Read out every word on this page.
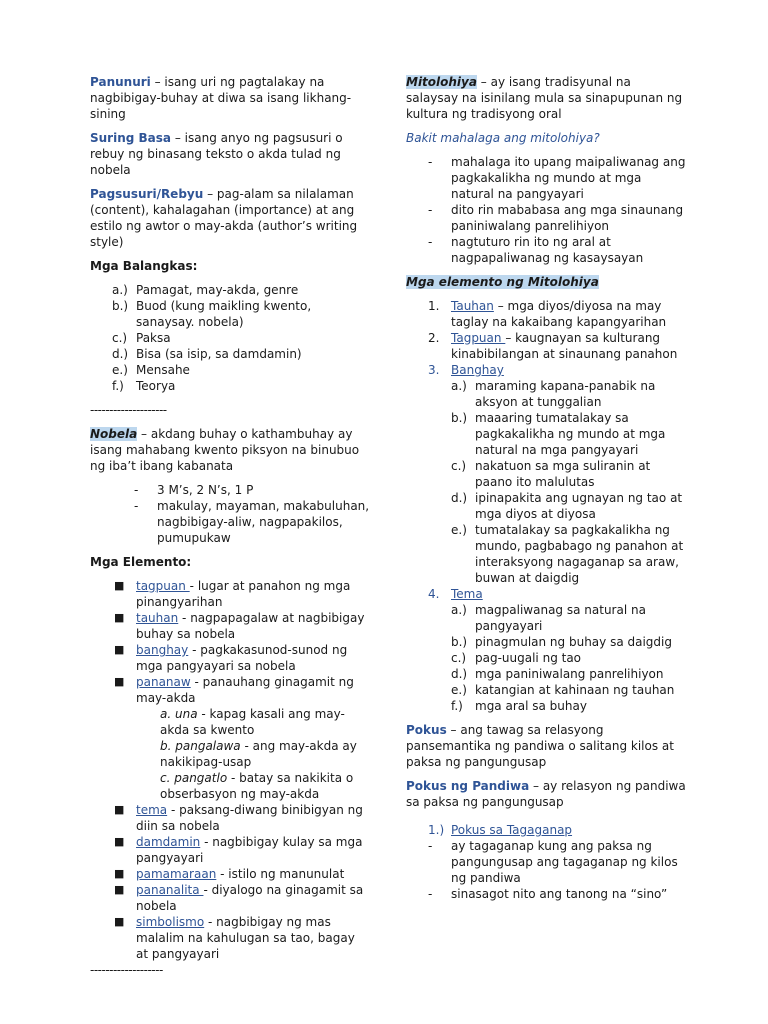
Panunuri – isang uri ng pagtalakay na nagbibigay-buhay at diwa sa isang likhang-sining

Suring Basa – isang anyo ng pagsusuri o rebuy ng binasang teksto o akda tulad ng nobela

Pagsusuri/Rebyu – pag-alam sa nilalaman (content), kahalagahan (importance) at ang estilo ng awtor o may-akda (author’s writing style)

Mga Balangkas:

a.) Pamagat, may-akda, genre
b.) Buod (kung maikling kwento, sanaysay. nobela)
c.) Paksa
d.) Bisa (sa isip, sa damdamin)
e.) Mensahe
f.)	Teorya

--------------------

Nobela – akdang buhay o kathambuhay ay isang mahabang kwento piksyon na binubuo ng iba’t ibang kabanata

-	3 M’s, 2 N’s, 1 P
-	makulay, mayaman, makabuluhan, nagbibigay-aliw, nagpapakilos, pumupukaw

Mga Elemento:

■ tagpuan - lugar at panahon ng mga pinangyarihan
■ tauhan - nagpapagalaw at nagbibigay buhay sa nobela
■ banghay - pagkakasunod-sunod ng mga pangyayari sa nobela
■ pananaw - panauhang ginagamit ng may-akda
a. una - kapag kasali ang may-akda sa kwento
b. pangalawa - ang may-akda ay nakikipag-usap
c. pangatlo - batay sa nakikita o obserbasyon ng may-akda
■ tema - paksang-diwang binibigyan ng diin sa nobela
■ damdamin - nagbibigay kulay sa mga pangyayari
■ pamamaraan - istilo ng manunulat
■ pananalita - diyalogo na ginagamit sa nobela
■ simbolismo - nagbibigay ng mas malalim na kahulugan sa tao, bagay at pangyayari
-------------------

Mitolohiya – ay isang tradisyunal na salaysay na isinilang mula sa sinapupunan ng kultura ng tradisyong oral

Bakit mahalaga ang mitolohiya?

-	mahalaga ito upang maipaliwanag ang pagkakalikha ng mundo at mga natural na pangyayari
-	dito rin mababasa ang mga sinaunang paniniwalang panrelihiyon
-	nagtuturo rin ito ng aral at nagpapaliwanag ng kasaysayan

Mga elemento ng Mitolohiya

1. Tauhan – mga diyos/diyosa na may taglay na kakaibang kapangyarihan
2. Tagpuan – kaugnayan sa kulturang kinabibilangan at sinaunang panahon
3. Banghay
a.) maraming kapana-panabik na aksyon at tunggalian
b.) maaaring tumatalakay sa pagkakalikha ng mundo at mga natural na mga pangyayari
c.) nakatuon sa mga suliranin at paano ito malulutas
d.) ipinapakita ang ugnayan ng tao at mga diyos at diyosa
e.) tumatalakay sa pagkakalikha ng mundo, pagbabago ng panahon at interaksyong nagaganap sa araw, buwan at daigdig
4. Tema
a.) magpaliwanag sa natural na pangyayari
b.) pinagmulan ng buhay sa daigdig
c.) pag-uugali ng tao
d.) mga paniniwalang panrelihiyon
e.) katangian at kahinaan ng tauhan
f.)	mga aral sa buhay

Pokus – ang tawag sa relasyong pansemantika ng pandiwa o salitang kilos at paksa ng pangungusap

Pokus ng Pandiwa – ay relasyon ng pandiwa sa paksa ng pangungusap

1.) Pokus sa Tagaganap
-	ay tagaganap kung ang paksa ng pangungusap ang tagaganap ng kilos ng pandiwa
-	sinasagot nito ang tanong na “sino”
